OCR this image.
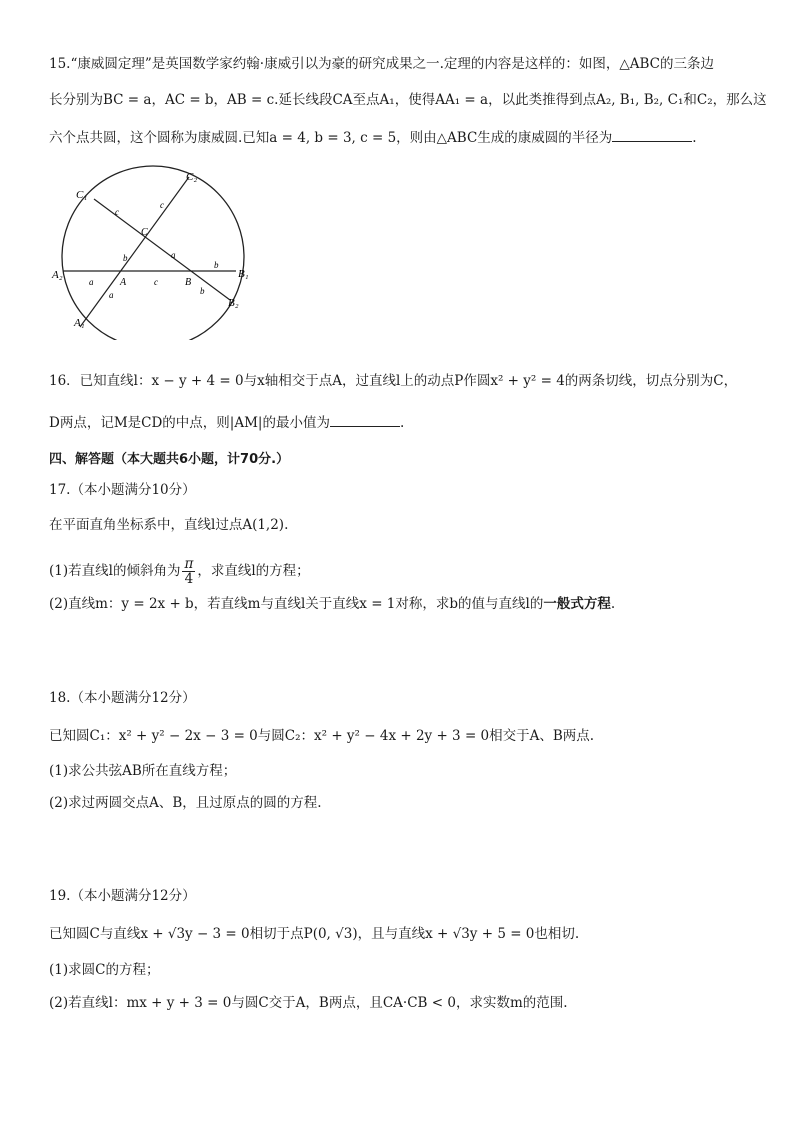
15.“康威圆定理”是英国数学家约翰·康威引以为豪的研究成果之一.定理的内容是这样的：如图，△ABC的三条边
长分别为BC = a，AC = b，AB = c.延长线段CA至点A₁，使得AA₁ = a，以此类推得到点A₂, B₁, B₂, C₁和C₂，那么这
六个点共圆，这个圆称为康威圆.已知a = 4, b = 3, c = 5，则由△ABC生成的康威圆的半径为	.
C₁
C₂
A₂	B₁
B₂
A₁
A	B
C
c
c
c
a
a
a
b
b
b
16．已知直线l：x − y + 4 = 0与x轴相交于点A，过直线l上的动点P作圆x² + y² = 4的两条切线，切点分别为C，
D两点，记M是CD的中点，则|AM|的最小值为	.
四、解答题（本大题共6小题，计70分.）
17.（本小题满分10分）
在平面直角坐标系中，直线l过点A(1,2).
(1)若直线l的倾斜角为 $\frac{\pi}{4}$ ，求直线l的方程；
(2)直线m：y = 2x + b，若直线m与直线l关于直线x = 1对称，求b的值与直线l的一般式方程.
18.（本小题满分12分）
已知圆C₁：x² + y² − 2x − 3 = 0与圆C₂：x² + y² − 4x + 2y + 3 = 0相交于A、B两点.
(1)求公共弦AB所在直线方程；
(2)求过两圆交点A、B，且过原点的圆的方程.
19.（本小题满分12分）
已知圆C与直线x + √3y − 3 = 0相切于点P(0, √3)，且与直线x + √3y + 5 = 0也相切.
(1)求圆C的方程；
(2)若直线l：mx + y + 3 = 0与圆C交于A，B两点，且CA·CB < 0，求实数m的范围.
